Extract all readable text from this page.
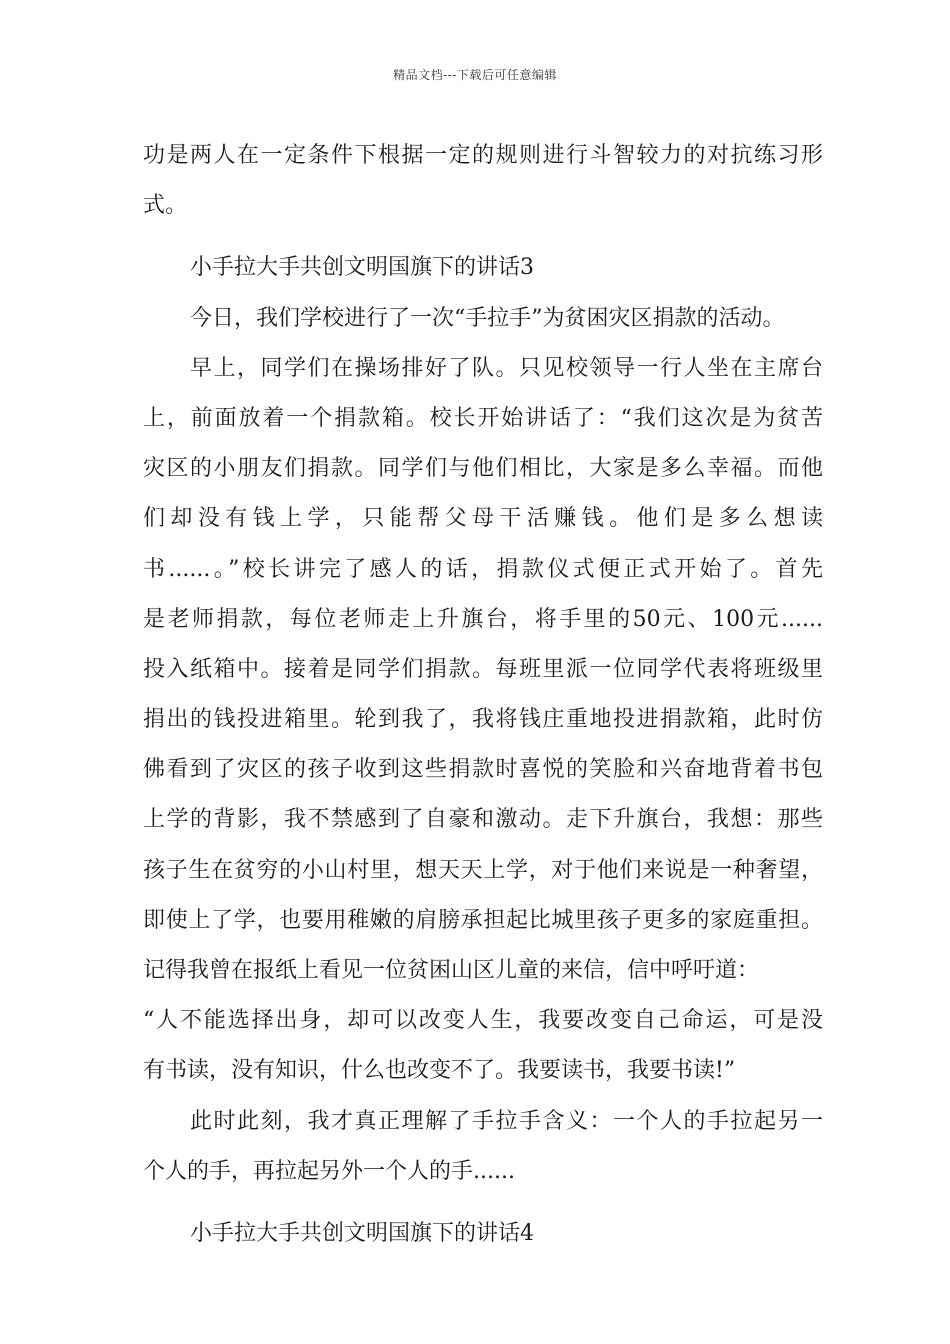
精品文档---下载后可任意编辑

功是两人在一定条件下根据一定的规则进行斗智较力的对抗练习形

式。

小手拉大手共创文明国旗下的讲话3

今日，我们学校进行了一次“手拉手”为贫困灾区捐款的活动。

早上，同学们在操场排好了队。只见校领导一行人坐在主席台

上，前面放着一个捐款箱。校长开始讲话了：“我们这次是为贫苦

灾区的小朋友们捐款。同学们与他们相比，大家是多么幸福。而他

们却没有钱上学，只能帮父母干活赚钱。他们是多么想读

书......。”校长讲完了感人的话，捐款仪式便正式开始了。首先

是老师捐款，每位老师走上升旗台，将手里的50元、100元......

投入纸箱中。接着是同学们捐款。每班里派一位同学代表将班级里

捐出的钱投进箱里。轮到我了，我将钱庄重地投进捐款箱，此时仿

佛看到了灾区的孩子收到这些捐款时喜悦的笑脸和兴奋地背着书包

上学的背影，我不禁感到了自豪和激动。走下升旗台，我想：那些

孩子生在贫穷的小山村里，想天天上学，对于他们来说是一种奢望，

即使上了学，也要用稚嫩的肩膀承担起比城里孩子更多的家庭重担。

记得我曾在报纸上看见一位贫困山区儿童的来信，信中呼吁道：

“人不能选择出身，却可以改变人生，我要改变自己命运，可是没

有书读，没有知识，什么也改变不了。我要读书，我要书读!”

此时此刻，我才真正理解了手拉手含义：一个人的手拉起另一

个人的手，再拉起另外一个人的手......

小手拉大手共创文明国旗下的讲话4
